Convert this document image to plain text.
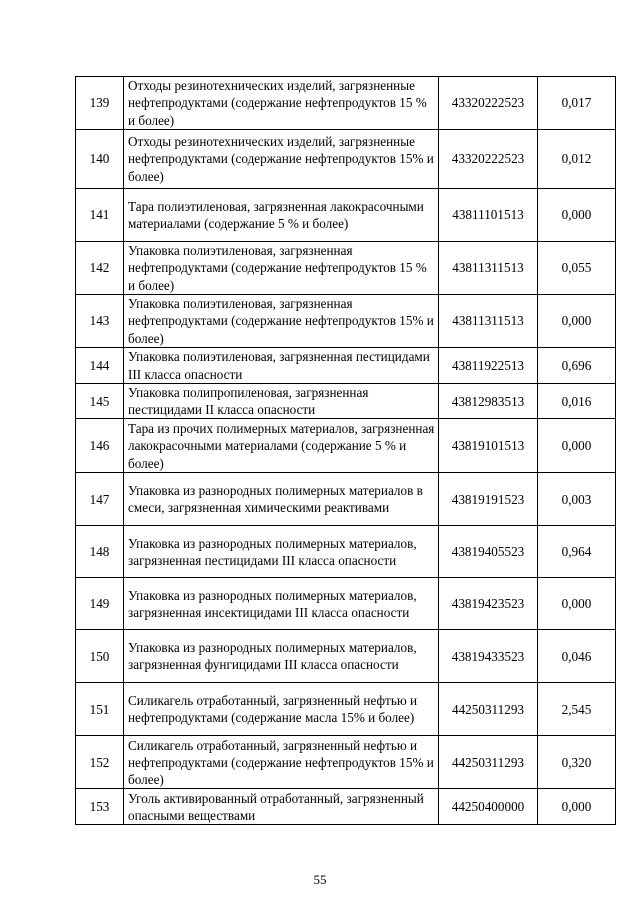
139	Отходы резинотехнических изделий, загрязненные нефтепродуктами (содержание нефтепродуктов 15 % и более)	43320222523	0,017
140	Отходы резинотехнических изделий, загрязненные нефтепродуктами (содержание нефтепродуктов 15% и более)	43320222523	0,012
141	Тара полиэтиленовая, загрязненная лакокрасочными материалами (содержание 5 % и более)	43811101513	0,000
142	Упаковка полиэтиленовая, загрязненная нефтепродуктами (содержание нефтепродуктов 15 % и более)	43811311513	0,055
143	Упаковка полиэтиленовая, загрязненная нефтепродуктами (содержание нефтепродуктов 15% и более)	43811311513	0,000
144	Упаковка полиэтиленовая, загрязненная пестицидами III класса опасности	43811922513	0,696
145	Упаковка полипропиленовая, загрязненная пестицидами II класса опасности	43812983513	0,016
146	Тара из прочих полимерных материалов, загрязненная лакокрасочными материалами (содержание 5 % и более)	43819101513	0,000
147	Упаковка из разнородных полимерных материалов в смеси, загрязненная химическими реактивами	43819191523	0,003
148	Упаковка из разнородных полимерных материалов, загрязненная пестицидами III класса опасности	43819405523	0,964
149	Упаковка из разнородных полимерных материалов, загрязненная инсектицидами III класса опасности	43819423523	0,000
150	Упаковка из разнородных полимерных материалов, загрязненная фунгицидами III класса опасности	43819433523	0,046
151	Силикагель отработанный, загрязненный нефтью и нефтепродуктами (содержание масла 15% и более)	44250311293	2,545
152	Силикагель отработанный, загрязненный нефтью и нефтепродуктами (содержание нефтепродуктов 15% и более)	44250311293	0,320
153	Уголь активированный отработанный, загрязненный опасными веществами	44250400000	0,000
55
